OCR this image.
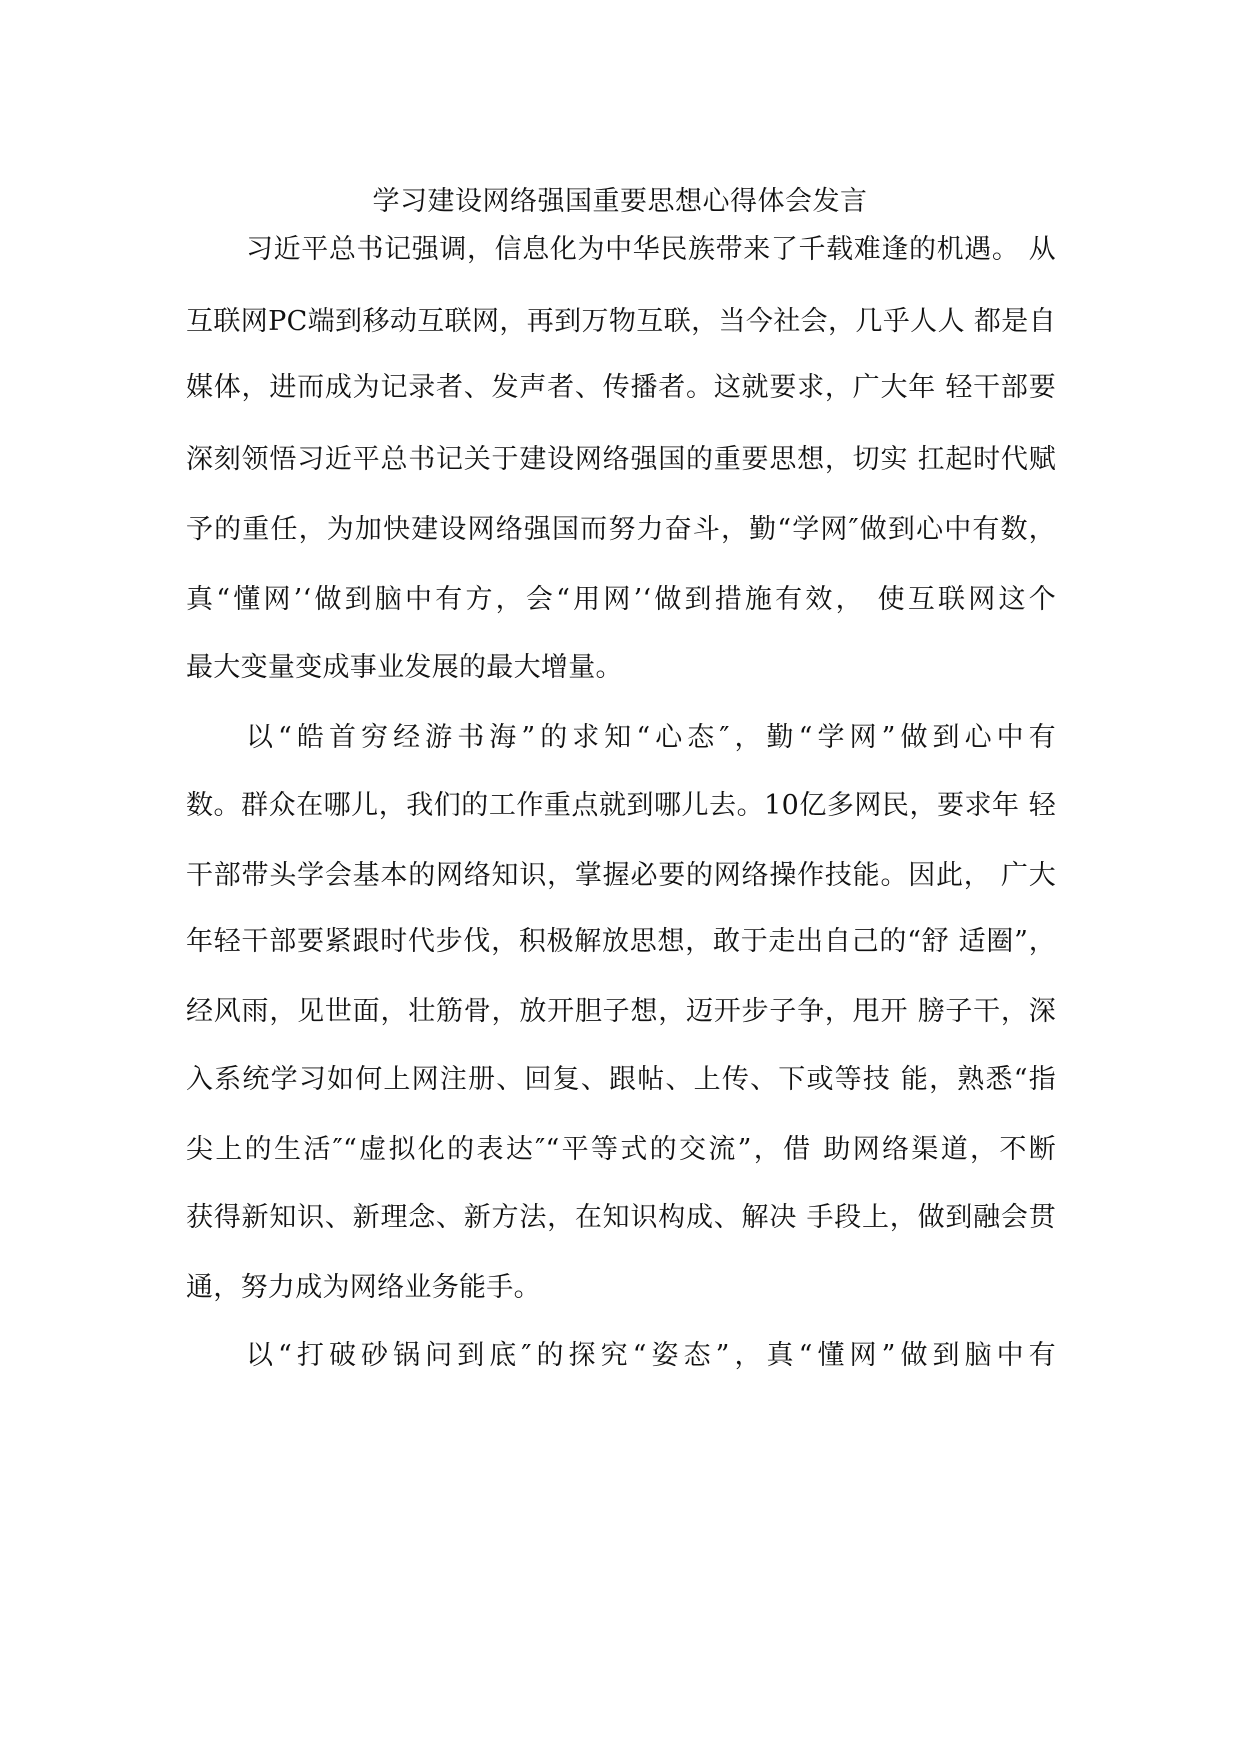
学习建设网络强国重要思想心得体会发言
习近平总书记强调，信息化为中华民族带来了千载难逢的机遇。 从
互联网PC端到移动互联网，再到万物互联，当今社会，几乎人人 都是自
媒体，进而成为记录者、发声者、传播者。这就要求，广大年 轻干部要
深刻领悟习近平总书记关于建设网络强国的重要思想，切实 扛起时代赋
予的重任，为加快建设网络强国而努力奋斗，勤“学网″做到心中有数，
真“懂网’‘做到脑中有方，会“用网’‘做到措施有效， 使互联网这个
最大变量变成事业发展的最大增量。
以“皓首穷经游书海”的求知“心态″，勤“学网”做到心中有
数。群众在哪儿，我们的工作重点就到哪儿去。10亿多网民，要求年 轻
干部带头学会基本的网络知识，掌握必要的网络操作技能。因此， 广大
年轻干部要紧跟时代步伐，积极解放思想，敢于走出自己的“舒 适圈”，
经风雨，见世面，壮筋骨，放开胆子想，迈开步子争，甩开 膀子干，深
入系统学习如何上网注册、回复、跟帖、上传、下或等技 能，熟悉“指
尖上的生活″“虚拟化的表达″“平等式的交流”，借 助网络渠道，不断
获得新知识、新理念、新方法，在知识构成、解决 手段上，做到融会贯
通，努力成为网络业务能手。
以“打破砂锅问到底″的探究“姿态”，真“懂网”做到脑中有
